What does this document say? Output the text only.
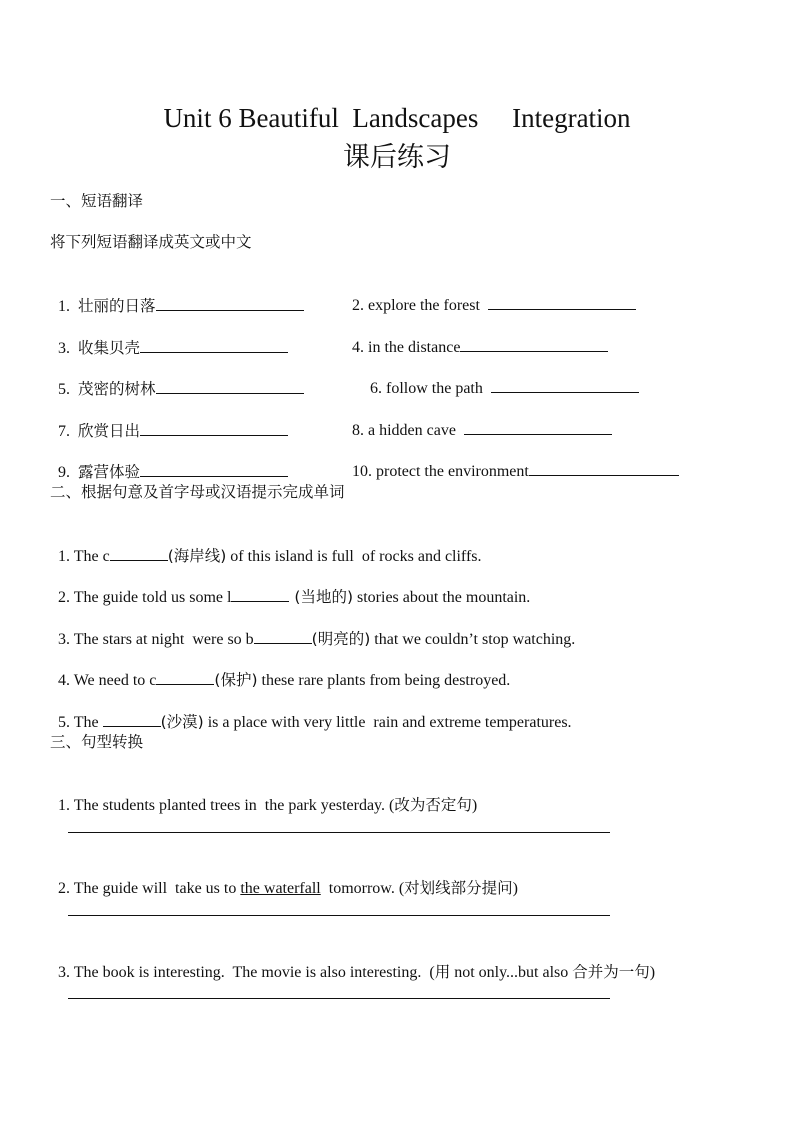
Unit 6 Beautiful  Landscapes     Integration
课后练习
一、短语翻译
将下列短语翻译成英文或中文

1. 壮丽的日落	2. explore the forest

3. 收集贝壳	4. in the distance

5. 茂密的树林	6. follow the path

7. 欣赏日出	8. a hidden cave

9. 露营体验	10. protect the environment

二、根据句意及首字母或汉语提示完成单词

1. The c	(海岸线) of this island is full  of rocks and cliffs.

2. The guide told us some l	(当地的) stories about the mountain.

3. The stars at night  were so b	(明亮的) that we couldn’t stop watching.

4. We need to c	(保护) these rare plants from being destroyed.

5. The	(沙漠) is a place with very little  rain and extreme temperatures.

三、句型转换

1. The students planted trees in  the park yesterday. (改为否定句)

2. The guide will  take us to the waterfall  tomorrow. (对划线部分提问)

3. The book is interesting.  The movie is also interesting.  (用 not only...but also 合并为一句)
